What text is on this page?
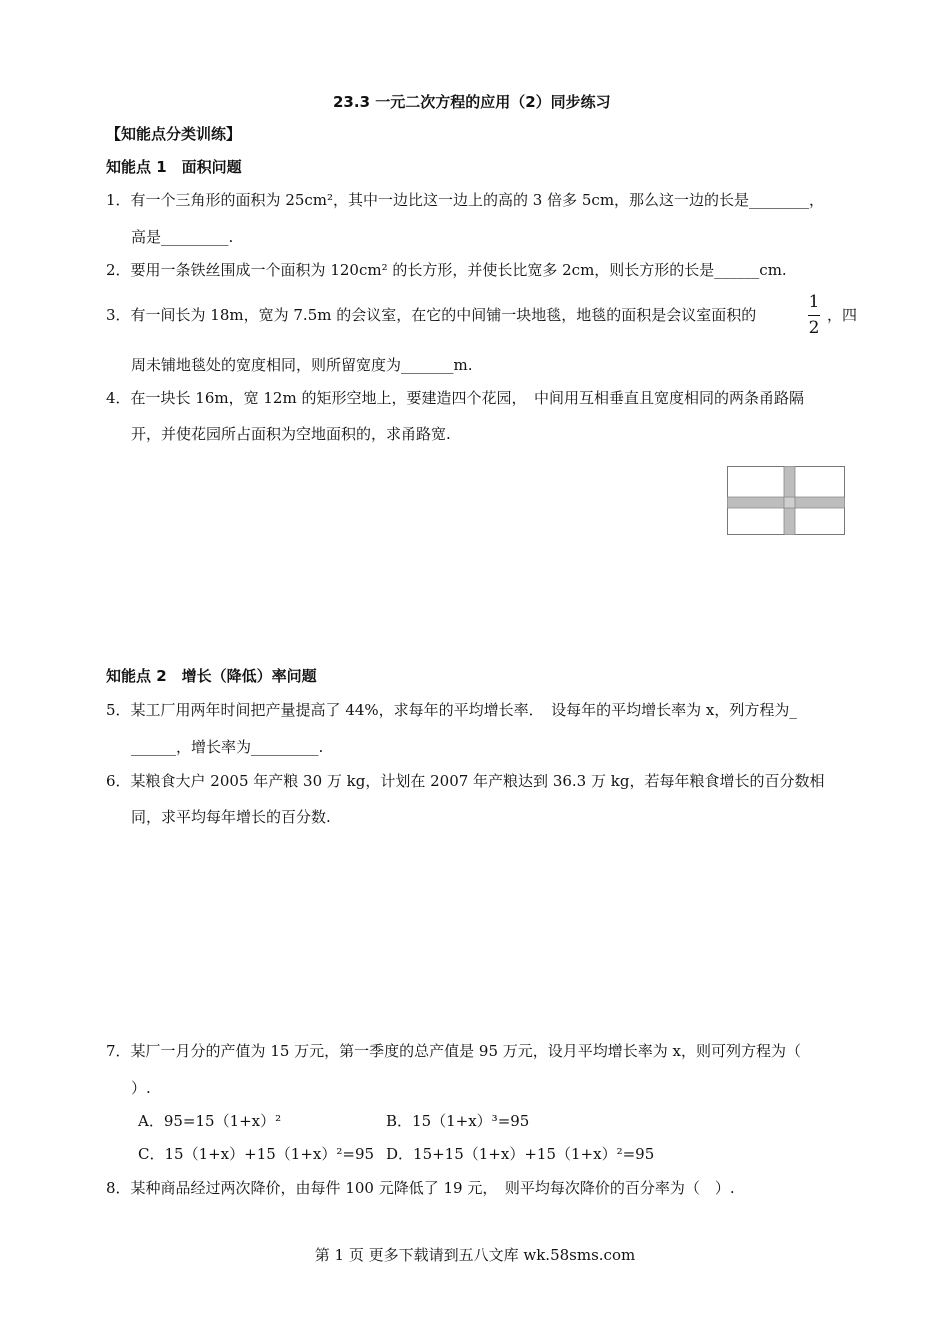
23.3 一元二次方程的应用（2）同步练习
【知能点分类训练】
知能点 1　面积问题
1．有一个三角形的面积为 25cm²，其中一边比这一边上的高的 3 倍多 5cm，那么这一边的长是________，
高是_________.
2．要用一条铁丝围成一个面积为 120cm² 的长方形，并使长比宽多 2cm，则长方形的长是______cm.
3．有一间长为 18m，宽为 7.5m 的会议室，在它的中间铺一块地毯，地毯的面积是会议室面积的
1
2
，四
周未铺地毯处的宽度相同，则所留宽度为_______m.
4．在一块长 16m，宽 12m 的矩形空地上，要建造四个花园，　中间用互相垂直且宽度相同的两条甬路隔
开，并使花园所占面积为空地面积的，求甬路宽.
知能点 2　增长（降低）率问题
5．某工厂用两年时间把产量提高了 44%，求每年的平均增长率．　设每年的平均增长率为 x，列方程为_
______，增长率为_________.
6．某粮食大户 2005 年产粮 30 万 kg，计划在 2007 年产粮达到 36.3 万 kg，若每年粮食增长的百分数相
同，求平均每年增长的百分数.
7．某厂一月分的产值为 15 万元，第一季度的总产值是 95 万元，设月平均增长率为 x，则可列方程为（
）.
A．95=15（1+x）²	B．15（1+x）³=95
C．15（1+x）+15（1+x）²=95 D．15+15（1+x）+15（1+x）²=95
8．某种商品经过两次降价，由每件 100 元降低了 19 元，　则平均每次降价的百分率为（　）.
第 1 页 更多下载请到五八文库 wk.58sms.com
